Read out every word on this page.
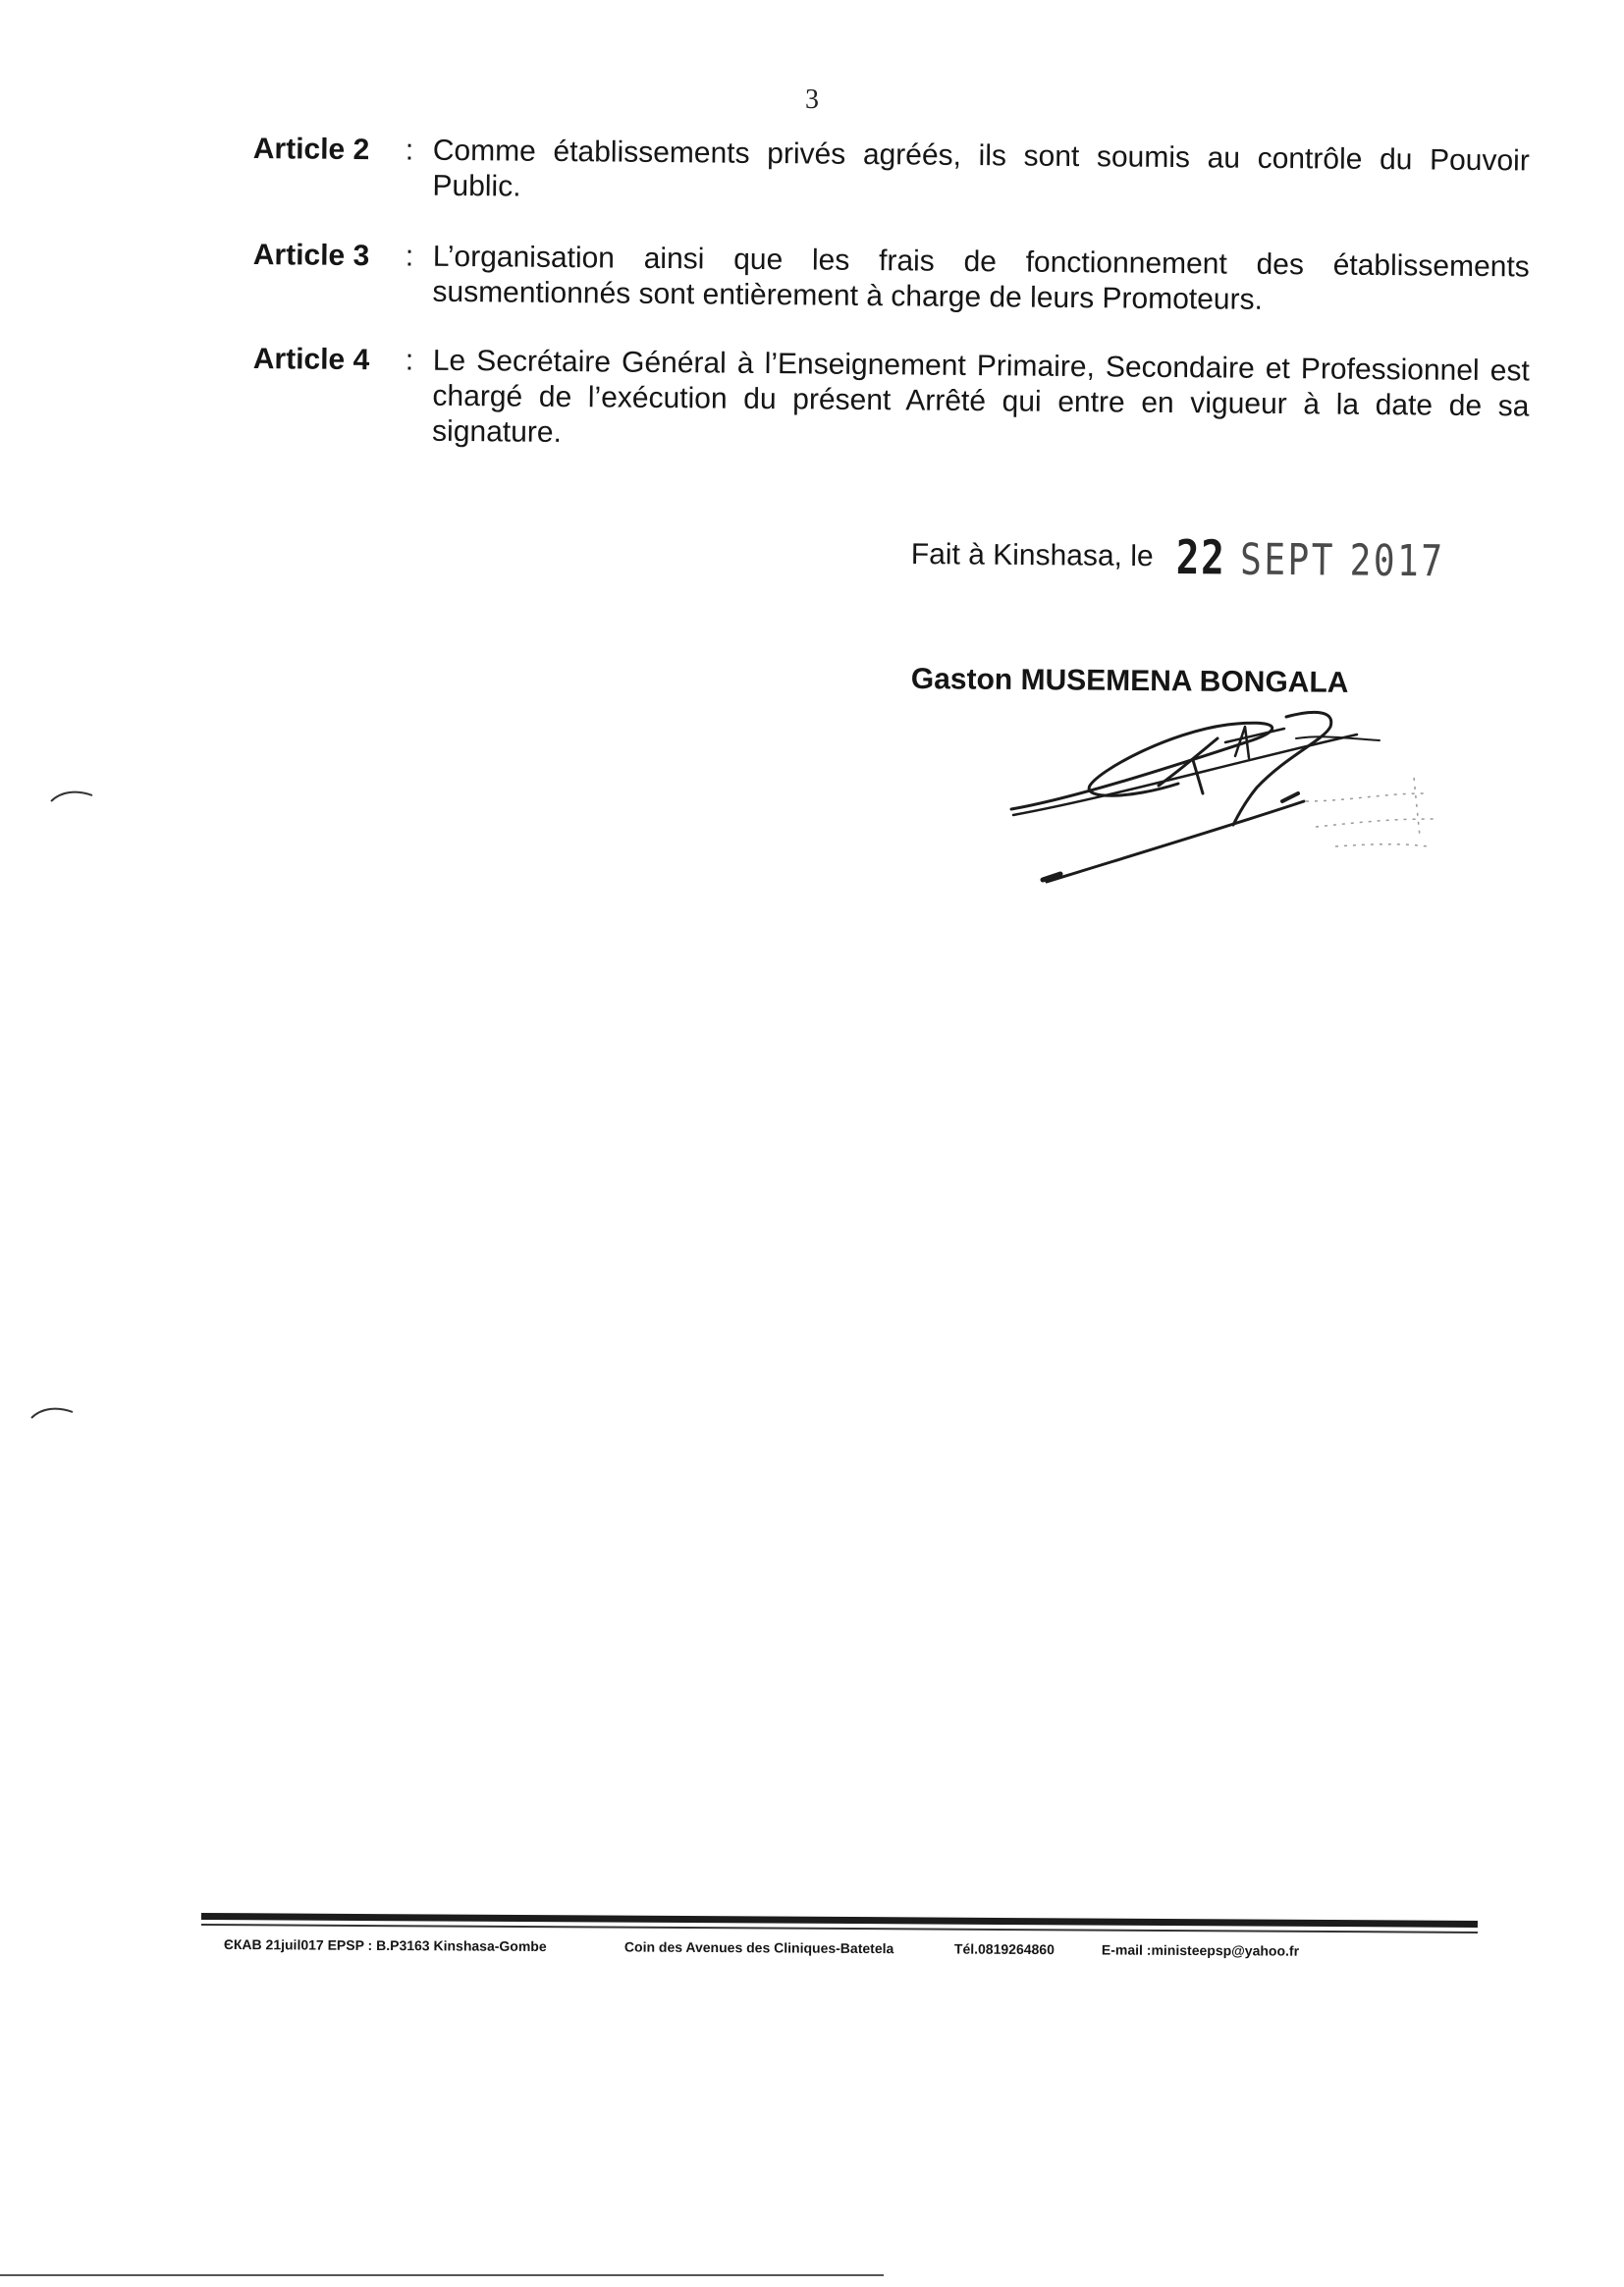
3
Article 2 : Comme établissements privés agréés, ils sont soumis au contrôle du Pouvoir Public.
Article 3 : L’organisation ainsi que les frais de fonctionnement des établissements susmentionnés sont entièrement à charge de leurs Promoteurs.
Article 4 : Le Secrétaire Général à l’Enseignement Primaire, Secondaire et Professionnel est chargé de l’exécution du présent Arrêté qui entre en vigueur à la date de sa signature.
Fait à Kinshasa, le 22 SEPT 2017
Gaston MUSEMENA BONGALA
ЄКАВ 21juil017 EPSP : B.P3163 Kinshasa-Gombe	Coin des Avenues des Cliniques-Batetela	Tél.0819264860	E-mail :ministeepsp@yahoo.fr
